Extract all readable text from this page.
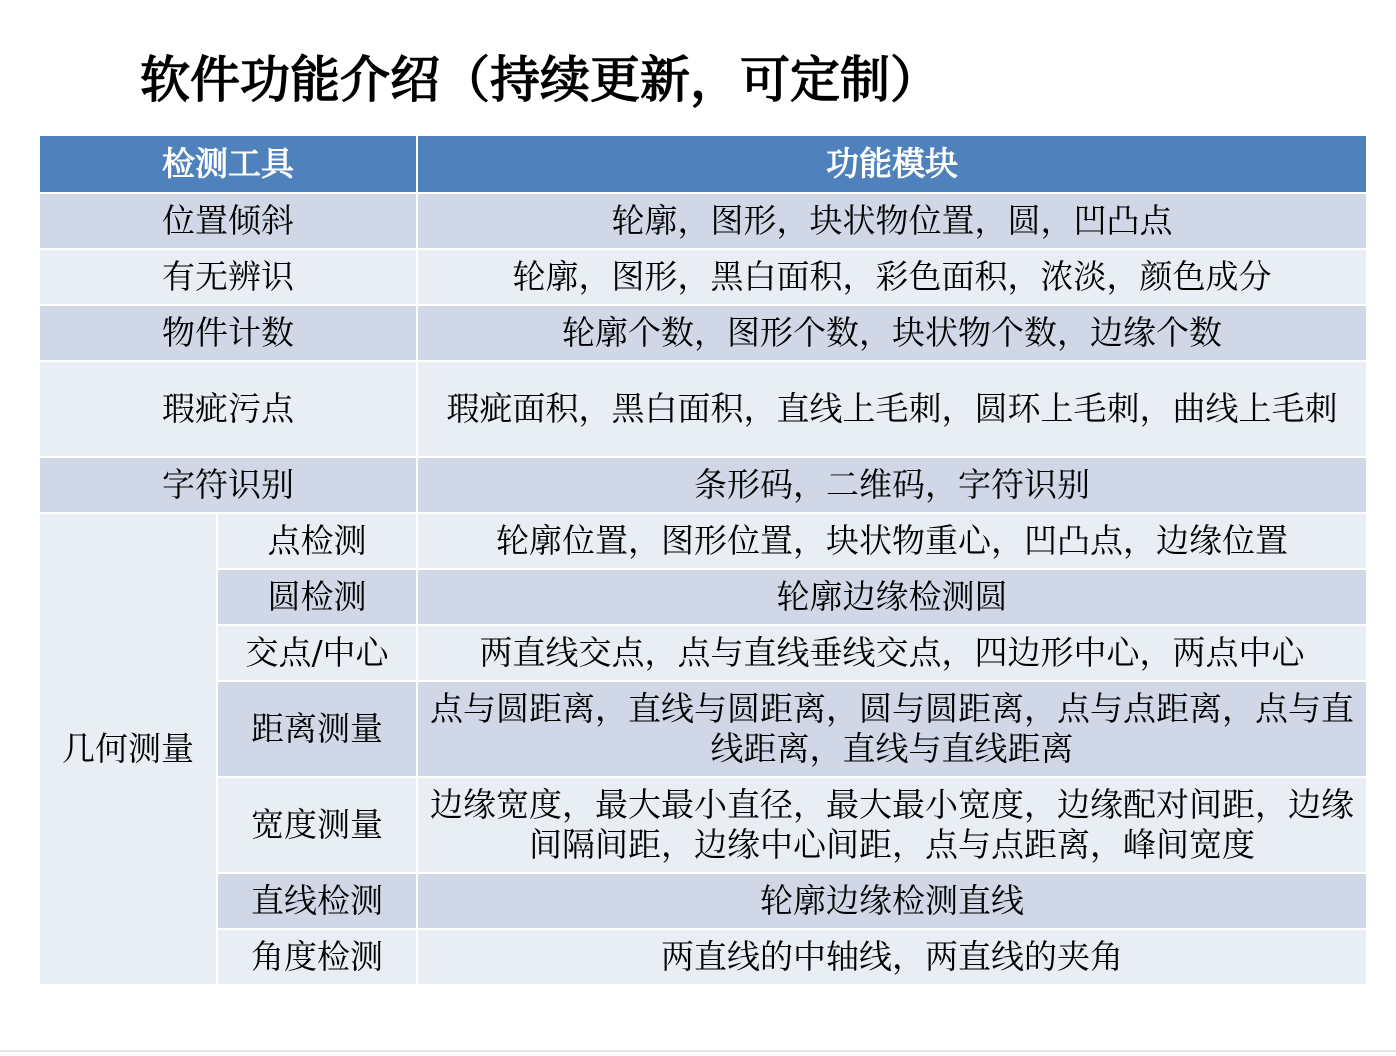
软件功能介绍（持续更新，可定制）
检测工具		功能模块
位置倾斜		轮廓，图形，块状物位置，圆，凹凸点
有无辨识		轮廓，图形，黑白面积，彩色面积，浓淡，颜色成分
物件计数		轮廓个数，图形个数，块状物个数，边缘个数
瑕疵污点		瑕疵面积，黑白面积，直线上毛刺，圆环上毛刺，曲线上毛刺
字符识别		条形码，二维码，字符识别
几何测量	点检测	轮廓位置，图形位置，块状物重心，凹凸点，边缘位置
	圆检测	轮廓边缘检测圆
	交点/中心	两直线交点，点与直线垂线交点，四边形中心，两点中心
	距离测量	点与圆距离，直线与圆距离，圆与圆距离，点与点距离，点与直线距离，直线与直线距离
	宽度测量	边缘宽度，最大最小直径，最大最小宽度，边缘配对间距，边缘间隔间距，边缘中心间距，点与点距离，峰间宽度
	直线检测	轮廓边缘检测直线
	角度检测	两直线的中轴线，两直线的夹角
